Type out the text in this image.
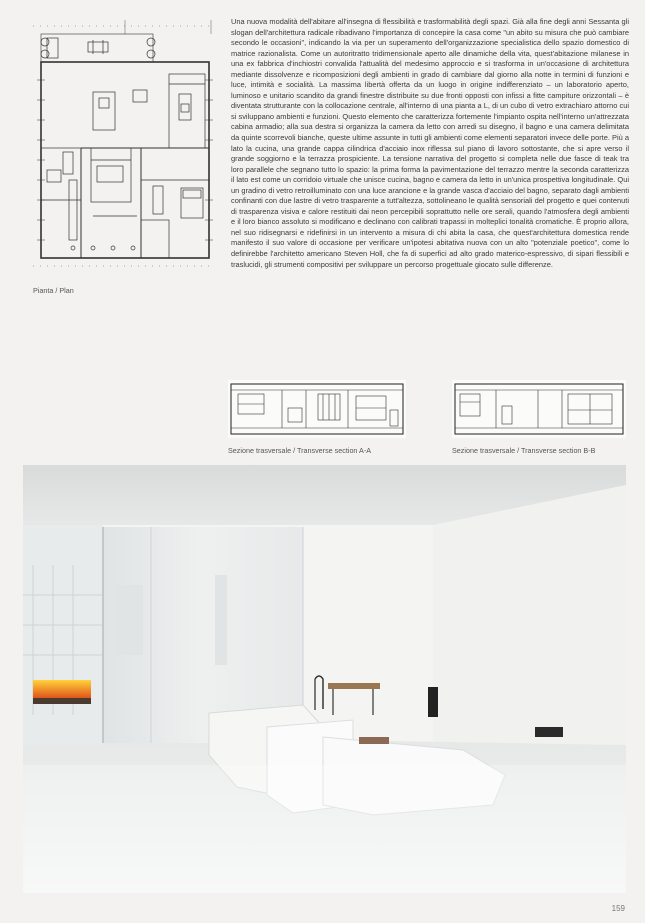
Pianta / Plan
Una nuova modalità dell'abitare all'insegna di flessibilità e trasformabilità degli spazi. Già alla fine degli anni Sessanta gli slogan dell'architettura radicale ribadivano l'importanza di concepire la casa come "un abito su misura che può cambiare secondo le occasioni", indicando la via per un superamento dell'organizzazione specialistica dello spazio domestico di matrice razionalista. Come un autoritratto tridimensionale aperto alle dinamiche della vita, quest'abitazione milanese in una ex fabbrica d'inchiostri convalida l'attualità del medesimo approccio e si trasforma in un'occasione di architettura mediante dissolvenze e ricomposizioni degli ambienti in grado di cambiare dal giorno alla notte in termini di funzioni e luce, intimità e socialità. La massima libertà offerta da un luogo in origine indifferenziato – un laboratorio aperto, luminoso e unitario scandito da grandi finestre distribuite su due fronti opposti con infissi a fitte campiture orizzontali – è diventata strutturante con la collocazione centrale, all'interno di una pianta a L, di un cubo di vetro extrachiaro attorno cui si sviluppano ambienti e funzioni. Questo elemento che caratterizza fortemente l'impianto ospita nell'interno un'attrezzata cabina armadio; alla sua destra si organizza la camera da letto con arredi su disegno, il bagno e una camera delimitata da quinte scorrevoli bianche, queste ultime assunte in tutti gli ambienti come elementi separatori invece delle porte. Più a lato la cucina, una grande cappa cilindrica d'acciaio inox riflessa sul piano di lavoro sottostante, che si apre verso il grande soggiorno e la terrazza prospiciente. La tensione narrativa del progetto si completa nelle due fasce di teak tra loro parallele che segnano tutto lo spazio: la prima forma la pavimentazione del terrazzo mentre la seconda caratterizza il lato est come un corridoio virtuale che unisce cucina, bagno e camera da letto in un'unica prospettiva longitudinale. Qui un gradino di vetro retroilluminato con una luce arancione e la grande vasca d'acciaio del bagno, separato dagli ambienti confinanti con due lastre di vetro trasparente a tutt'altezza, sottolineano le qualità sensoriali del progetto e quei contenuti di trasparenza visiva e calore restituiti dai neon percepibili soprattutto nelle ore serali, quando l'atmosfera degli ambienti e il loro bianco assoluto si modificano e declinano con calibrati trapassi in molteplici tonalità cromatiche. È proprio allora, nel suo ridisegnarsi e ridefinirsi in un intervento a misura di chi abita la casa, che quest'architettura domestica rende manifesto il suo valore di occasione per verificare un'ipotesi abitativa nuova con un alto "potenziale poetico", come lo definirebbe l'architetto americano Steven Holl, che fa di superfici ad alto grado materico-espressivo, di sipari flessibili e traslucidi, gli strumenti compositivi per sviluppare un percorso progettuale giocato sulle differenze.
Sezione trasversale / Transverse section A-A	Sezione trasversale / Transverse section B-B
159
